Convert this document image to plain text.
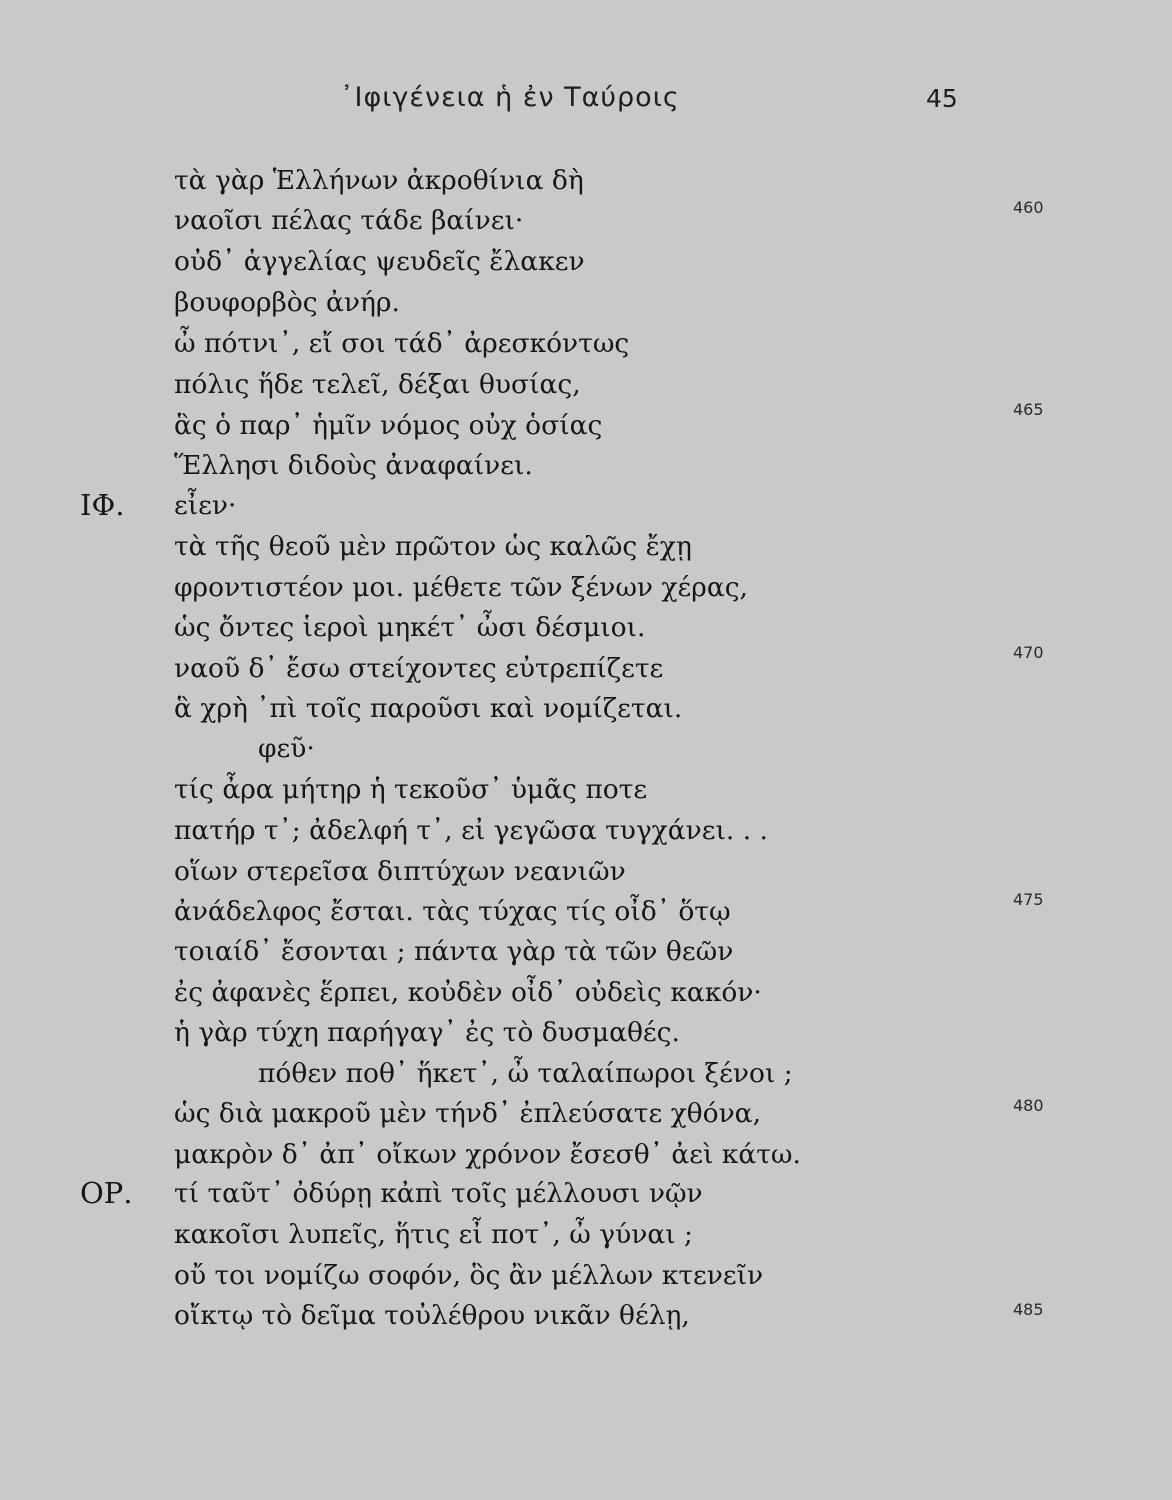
᾿Ιφιγένεια ἡ ἐν Ταύροις	45
τὰ γὰρ Ἑλλήνων ἀκροθίνια δὴ
ναοῖσι πέλας τάδε βαίνει·
οὐδ᾽ ἀγγελίας ψευδεῖς ἔλακεν
βουφορβὸς ἀνήρ.
ὦ πότνι᾽, εἴ σοι τάδ᾽ ἀρεσκόντως
πόλις ἥδε τελεῖ, δέξαι θυσίας,
ἃς ὁ παρ᾽ ἡμῖν νόμος οὐχ ὁσίας
Ἕλλησι διδοὺς ἀναφαίνει.
ΙΦ. εἶεν·
τὰ τῆς θεοῦ μὲν πρῶτον ὡς καλῶς ἔχῃ
φροντιστέον μοι. μέθετε τῶν ξένων χέρας,
ὡς ὄντες ἱεροὶ μηκέτ᾽ ὦσι δέσμιοι.
ναοῦ δ᾽ ἔσω στείχοντες εὐτρεπίζετε
ἃ χρὴ ᾽πὶ τοῖς παροῦσι καὶ νομίζεται.
φεῦ·
τίς ἆρα μήτηρ ἡ τεκοῦσ᾽ ὑμᾶς ποτε
πατήρ τ᾽; ἀδελφή τ᾽, εἰ γεγῶσα τυγχάνει. . .
οἵων στερεῖσα διπτύχων νεανιῶν
ἀνάδελφος ἔσται. τὰς τύχας τίς οἶδ᾽ ὅτῳ
τοιαίδ᾽ ἔσονται ; πάντα γὰρ τὰ τῶν θεῶν
ἐς ἀφανὲς ἕρπει, κοὐδὲν οἶδ᾽ οὐδεὶς κακόν·
ἡ γὰρ τύχη παρήγαγ᾽ ἐς τὸ δυσμαθές.
πόθεν ποθ᾽ ἥκετ᾽, ὦ ταλαίπωροι ξένοι ;
ὡς διὰ μακροῦ μὲν τήνδ᾽ ἐπλεύσατε χθόνα,
μακρὸν δ᾽ ἀπ᾽ οἴκων χρόνον ἔσεσθ᾽ ἀεὶ κάτω.
ΟΡ. τί ταῦτ᾽ ὀδύρῃ κἀπὶ τοῖς μέλλουσι νῷν
κακοῖσι λυπεῖς, ἥτις εἶ ποτ᾽, ὦ γύναι ;
οὔ τοι νομίζω σοφόν, ὃς ἂν μέλλων κτενεῖν
οἴκτῳ τὸ δεῖμα τοὐλέθρου νικᾶν θέλῃ,
460
465
470
475
480
485
